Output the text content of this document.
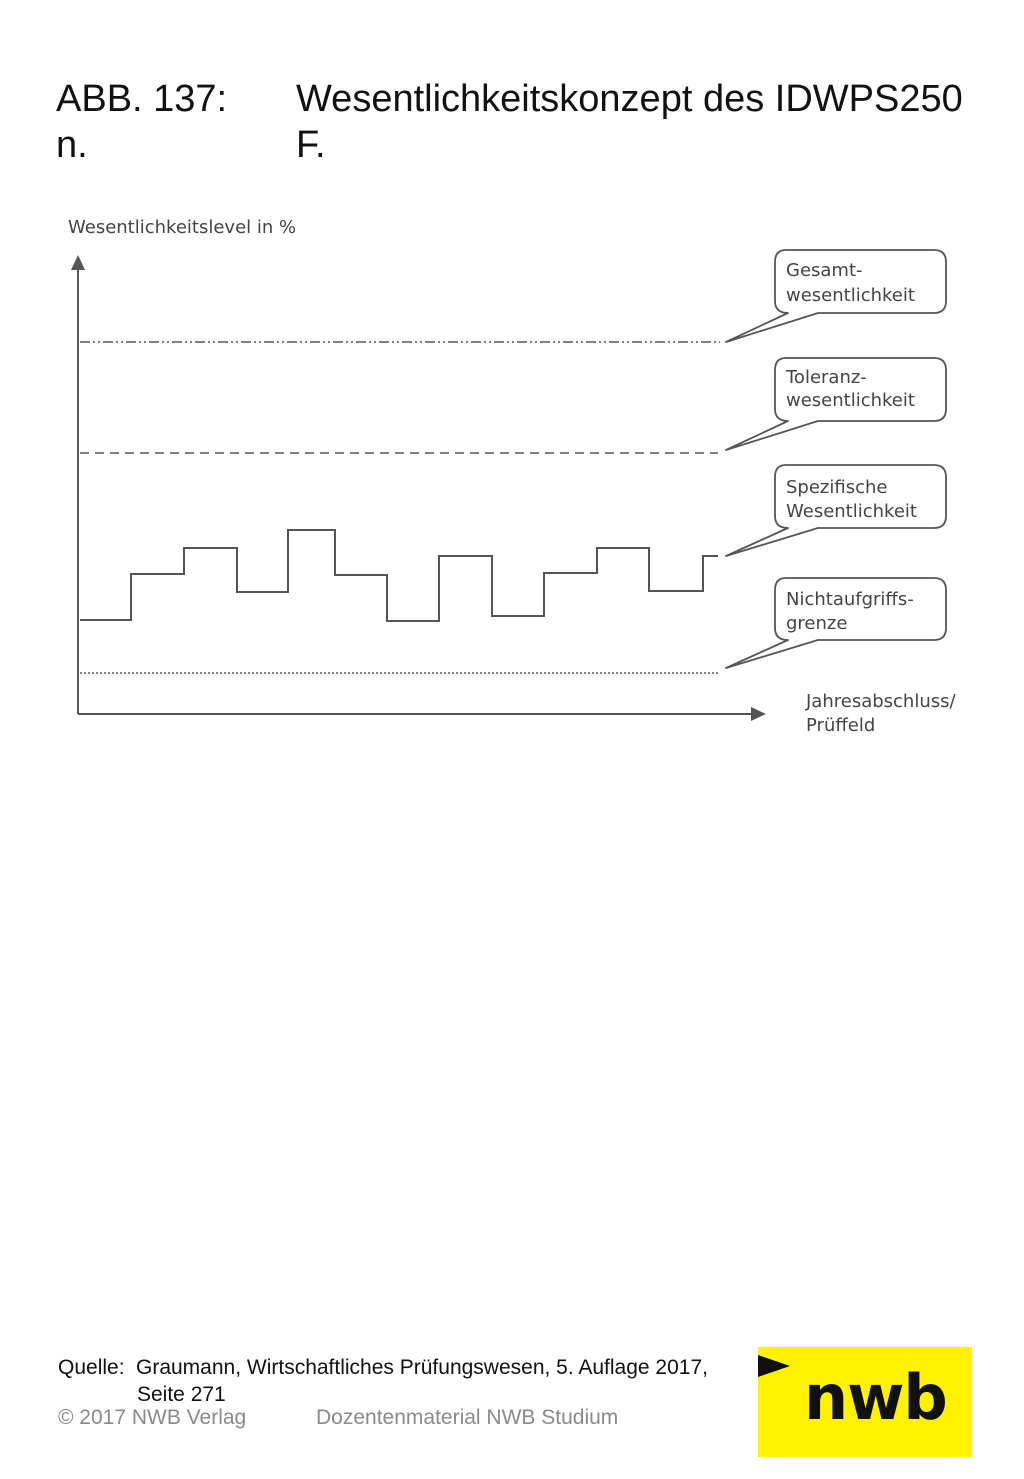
ABB. 137:
n.
Wesentlichkeitskonzept des IDWPS250
F.
Wesentlichkeitslevel in %
Gesamt-
wesentlichkeit
Toleranz-
wesentlichkeit
Spezifische
Wesentlichkeit
Nichtaufgriffs-
grenze
Jahresabschluss/
Prüffeld
Quelle: Graumann, Wirtschaftliches Prüfungswesen, 5. Auflage 2017,
Seite 271
© 2017 NWB Verlag	Dozentenmaterial NWB Studium	nwb
